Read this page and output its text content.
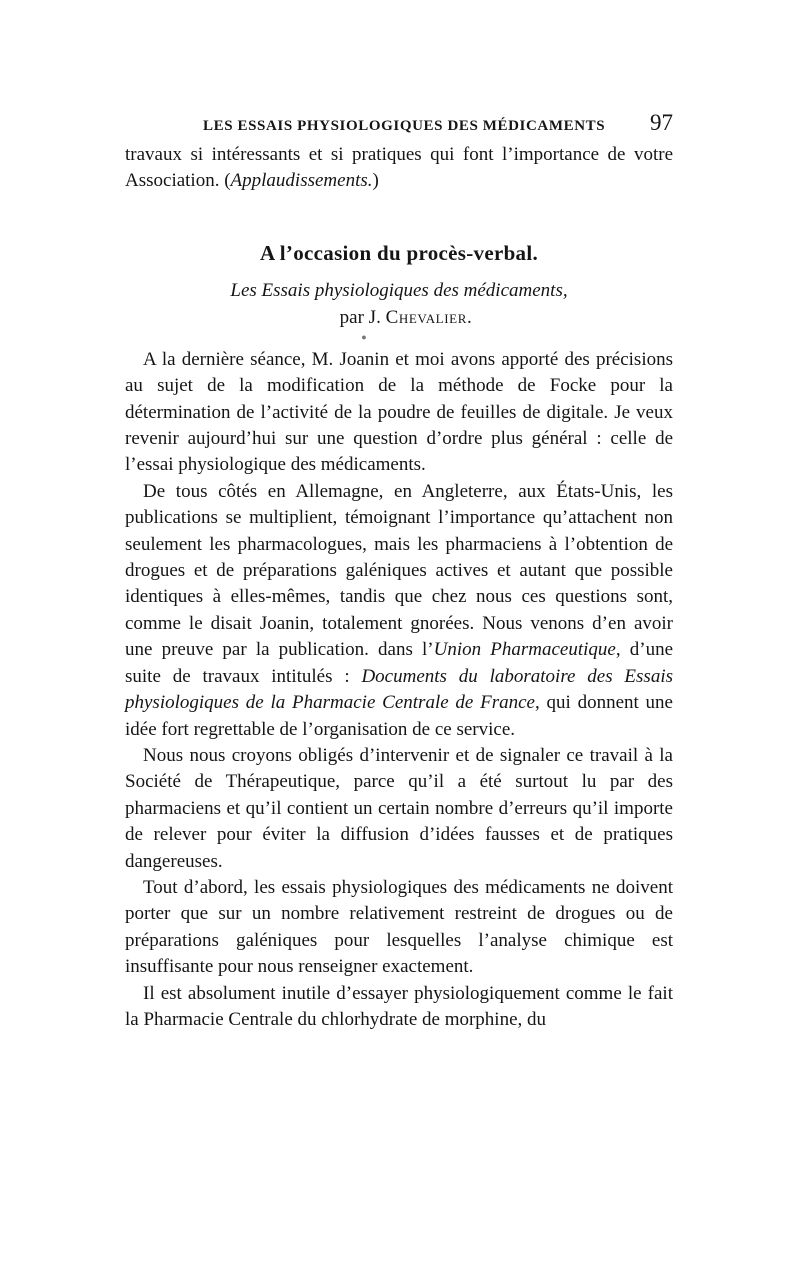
LES ESSAIS PHYSIOLOGIQUES DES MÉDICAMENTS 97

travaux si intéressants et si pratiques qui font l’importance de votre Association. (Applaudissements.)

A l’occasion du procès-verbal.
Les Essais physiologiques des médicaments,
par J. Chevalier.
●

A la dernière séance, M. Joanin et moi avons apporté des précisions au sujet de la modification de la méthode de Focke pour la détermination de l’activité de la poudre de feuilles de digitale. Je veux revenir aujourd’hui sur une question d’ordre plus général : celle de l’essai physiologique des médicaments.

De tous côtés en Allemagne, en Angleterre, aux États-Unis, les publications se multiplient, témoignant l’importance qu’attachent non seulement les pharmacologues, mais les pharmaciens à l’obtention de drogues et de préparations galéniques actives et autant que possible identiques à elles-mêmes, tandis que chez nous ces questions sont, comme le disait Joanin, totalement gnorées. Nous venons d’en avoir une preuve par la publication. dans l’Union Pharmaceutique, d’une suite de travaux intitulés : Documents du laboratoire des Essais physiologiques de la Pharmacie Centrale de France, qui donnent une idée fort regrettable de l’organisation de ce service.

Nous nous croyons obligés d’intervenir et de signaler ce travail à la Société de Thérapeutique, parce qu’il a été surtout lu par des pharmaciens et qu’il contient un certain nombre d’erreurs qu’il importe de relever pour éviter la diffusion d’idées fausses et de pratiques dangereuses.

Tout d’abord, les essais physiologiques des médicaments ne doivent porter que sur un nombre relativement restreint de drogues ou de préparations galéniques pour lesquelles l’analyse chimique est insuffisante pour nous renseigner exactement.

Il est absolument inutile d’essayer physiologiquement comme le fait la Pharmacie Centrale du chlorhydrate de morphine, du
